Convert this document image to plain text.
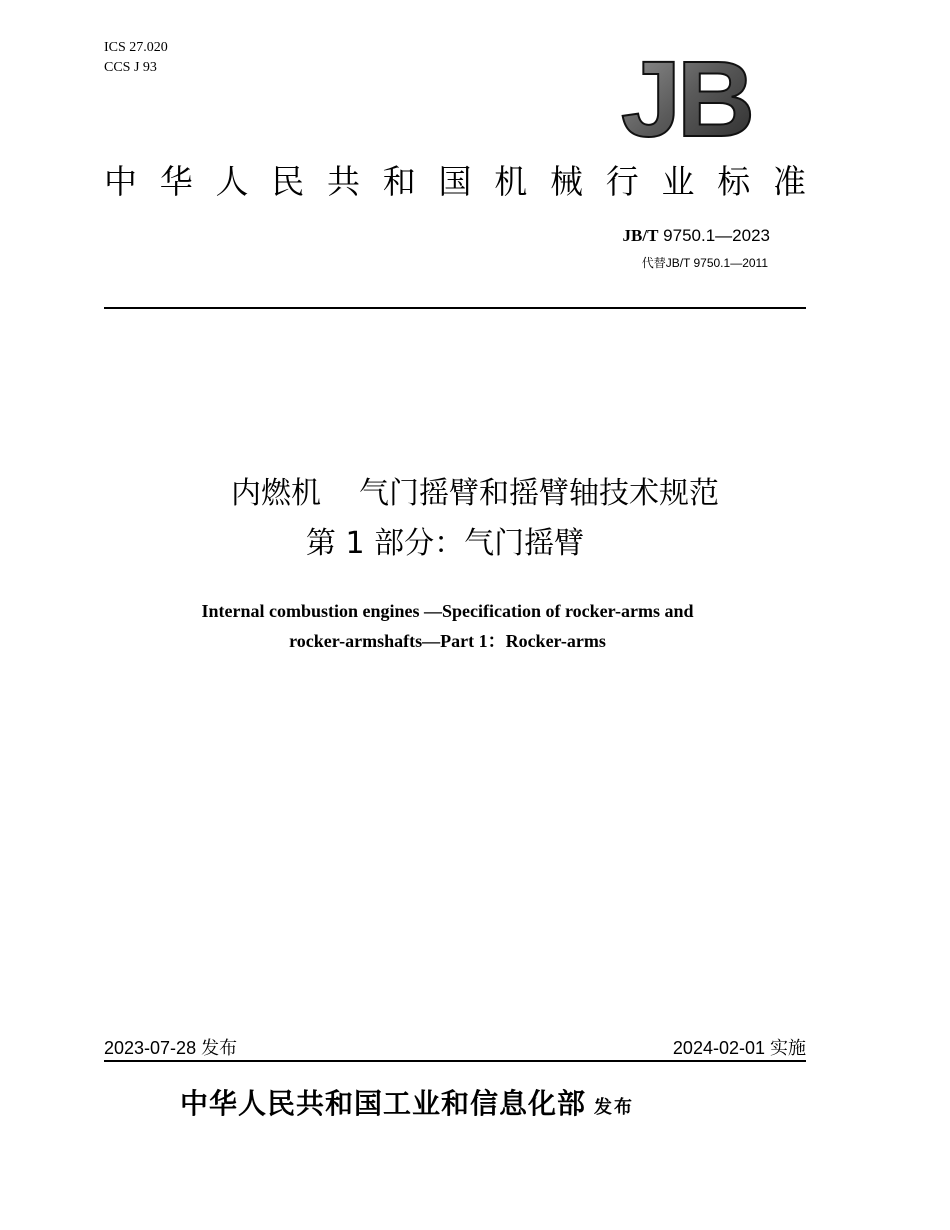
ICS 27.020
CCS J 93	JB
中 华 人 民 共 和 国 机 械 行 业 标 准
JB/T 9750.1—2023
代替JB/T 9750.1—2011
内燃机 气门摇臂和摇臂轴技术规范
第 1 部分：气门摇臂
Internal combustion engines —Specification of rocker-arms and
rocker-armshafts—Part 1：Rocker-arms
2023-07-28 发布	2024-02-01 实施
中华人民共和国工业和信息化部 发布
